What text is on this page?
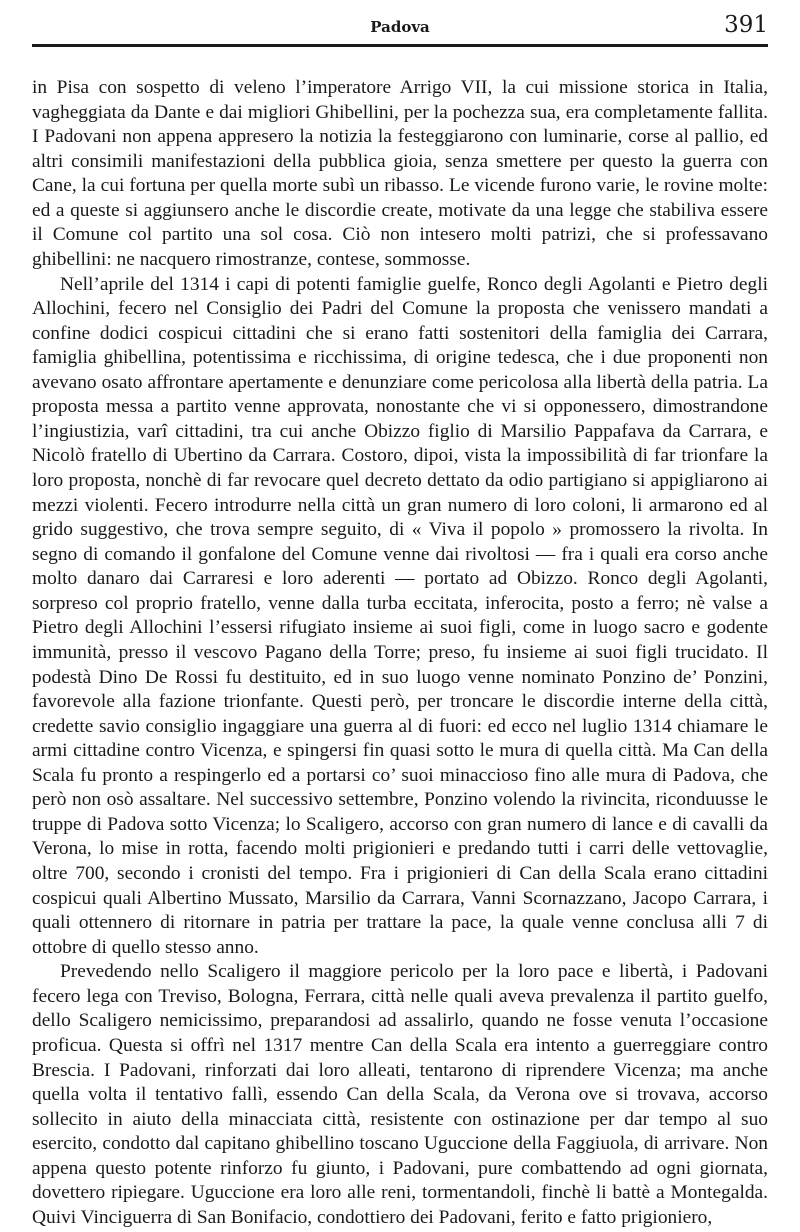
Padova	391

in Pisa con sospetto di veleno l’imperatore Arrigo VII, la cui missione storica in Italia, vagheggiata da Dante e dai migliori Ghibellini, per la pochezza sua, era completamente fallita. I Padovani non appena appresero la notizia la festeggiarono con luminarie, corse al pallio, ed altri consimili manifestazioni della pubblica gioia, senza smettere per questo la guerra con Cane, la cui fortuna per quella morte subì un ribasso. Le vicende furono varie, le rovine molte: ed a queste si aggiunsero anche le discordie create, motivate da una legge che stabiliva essere il Comune col partito una sol cosa. Ciò non intesero molti patrizi, che si professavano ghibellini: ne nacquero rimostranze, contese, sommosse.

Nell’aprile del 1314 i capi di potenti famiglie guelfe, Ronco degli Agolanti e Pietro degli Allochini, fecero nel Consiglio dei Padri del Comune la proposta che venissero mandati a confine dodici cospicui cittadini che si erano fatti sostenitori della famiglia dei Carrara, famiglia ghibellina, potentissima e ricchissima, di origine tedesca, che i due proponenti non avevano osato affrontare apertamente e denunziare come pericolosa alla libertà della patria. La proposta messa a partito venne approvata, nonostante che vi si opponessero, dimostrandone l’ingiustizia, varî cittadini, tra cui anche Obizzo figlio di Marsilio Pappafava da Carrara, e Nicolò fratello di Ubertino da Carrara. Costoro, dipoi, vista la impossibilità di far trionfare la loro proposta, nonchè di far revocare quel decreto dettato da odio partigiano si appigliarono ai mezzi violenti. Fecero introdurre nella città un gran numero di loro coloni, li armarono ed al grido suggestivo, che trova sempre seguito, di « Viva il popolo » promossero la rivolta. In segno di comando il gonfalone del Comune venne dai rivoltosi — fra i quali era corso anche molto danaro dai Carraresi e loro aderenti — portato ad Obizzo. Ronco degli Agolanti, sorpreso col proprio fratello, venne dalla turba eccitata, inferocita, posto a ferro; nè valse a Pietro degli Allochini l’essersi rifugiato insieme ai suoi figli, come in luogo sacro e godente immunità, presso il vescovo Pagano della Torre; preso, fu insieme ai suoi figli trucidato. Il podestà Dino De Rossi fu destituito, ed in suo luogo venne nominato Ponzino de’ Ponzini, favorevole alla fazione trionfante. Questi però, per troncare le discordie interne della città, credette savio consiglio ingaggiare una guerra al di fuori: ed ecco nel luglio 1314 chiamare le armi cittadine contro Vicenza, e spingersi fin quasi sotto le mura di quella città. Ma Can della Scala fu pronto a respingerlo ed a portarsi co’ suoi minaccioso fino alle mura di Padova, che però non osò assaltare. Nel successivo settembre, Ponzino volendo la rivincita, riconduusse le truppe di Padova sotto Vicenza; lo Scaligero, accorso con gran numero di lance e di cavalli da Verona, lo mise in rotta, facendo molti prigionieri e predando tutti i carri delle vettovaglie, oltre 700, secondo i cronisti del tempo. Fra i prigionieri di Can della Scala erano cittadini cospicui quali Albertino Mussato, Marsilio da Carrara, Vanni Scornazzano, Jacopo Carrara, i quali ottennero di ritornare in patria per trattare la pace, la quale venne conclusa alli 7 di ottobre di quello stesso anno.

Prevedendo nello Scaligero il maggiore pericolo per la loro pace e libertà, i Padovani fecero lega con Treviso, Bologna, Ferrara, città nelle quali aveva prevalenza il partito guelfo, dello Scaligero nemicissimo, preparandosi ad assalirlo, quando ne fosse venuta l’occasione proficua. Questa si offrì nel 1317 mentre Can della Scala era intento a guerreggiare contro Brescia. I Padovani, rinforzati dai loro alleati, tentarono di riprendere Vicenza; ma anche quella volta il tentativo fallì, essendo Can della Scala, da Verona ove si trovava, accorso sollecito in aiuto della minacciata città, resistente con ostinazione per dar tempo al suo esercito, condotto dal capitano ghibellino toscano Uguccione della Faggiuola, di arrivare. Non appena questo potente rinforzo fu giunto, i Padovani, pure combattendo ad ogni giornata, dovettero ripiegare. Uguccione era loro alle reni, tormentandoli, finchè li battè a Montegalda. Quivi Vinciguerra di San Bonifacio, condottiero dei Padovani, ferito e fatto prigioniero,
